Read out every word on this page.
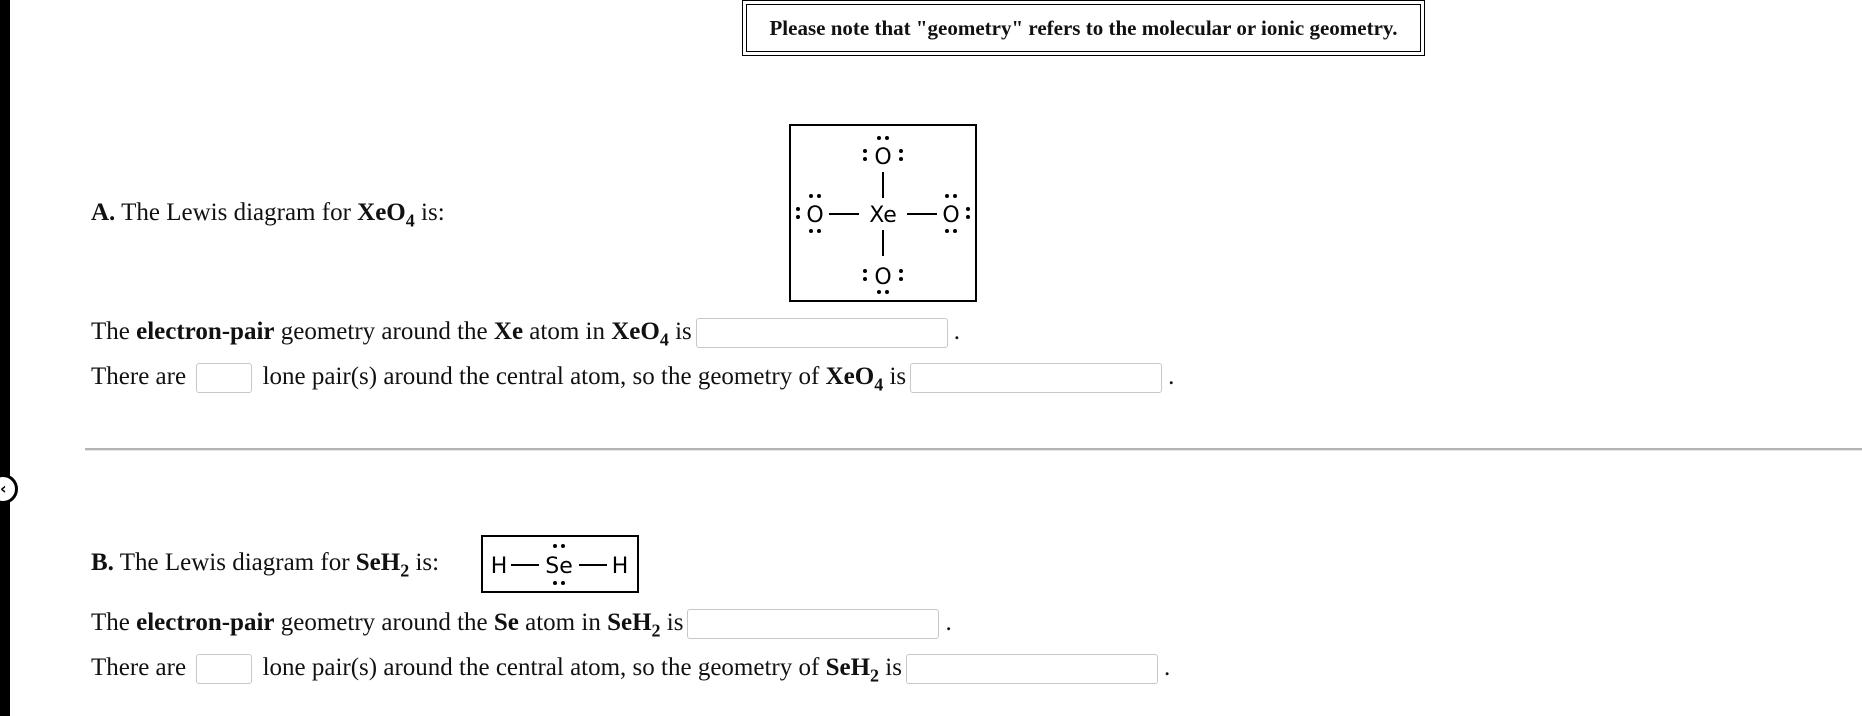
‹
Please note that "geometry" refers to the molecular or ionic geometry.
A. The Lewis diagram for XeO$_4$ is:
O
Xe
O	O
O
The electron-pair geometry around the Xe atom in XeO$_4$ is	.
There are	lone pair(s) around the central atom, so the geometry of XeO$_4$ is	.
B. The Lewis diagram for SeH$_2$ is: H Se H
The electron-pair geometry around the Se atom in SeH$_2$ is	.
There are	lone pair(s) around the central atom, so the geometry of SeH$_2$ is	.
